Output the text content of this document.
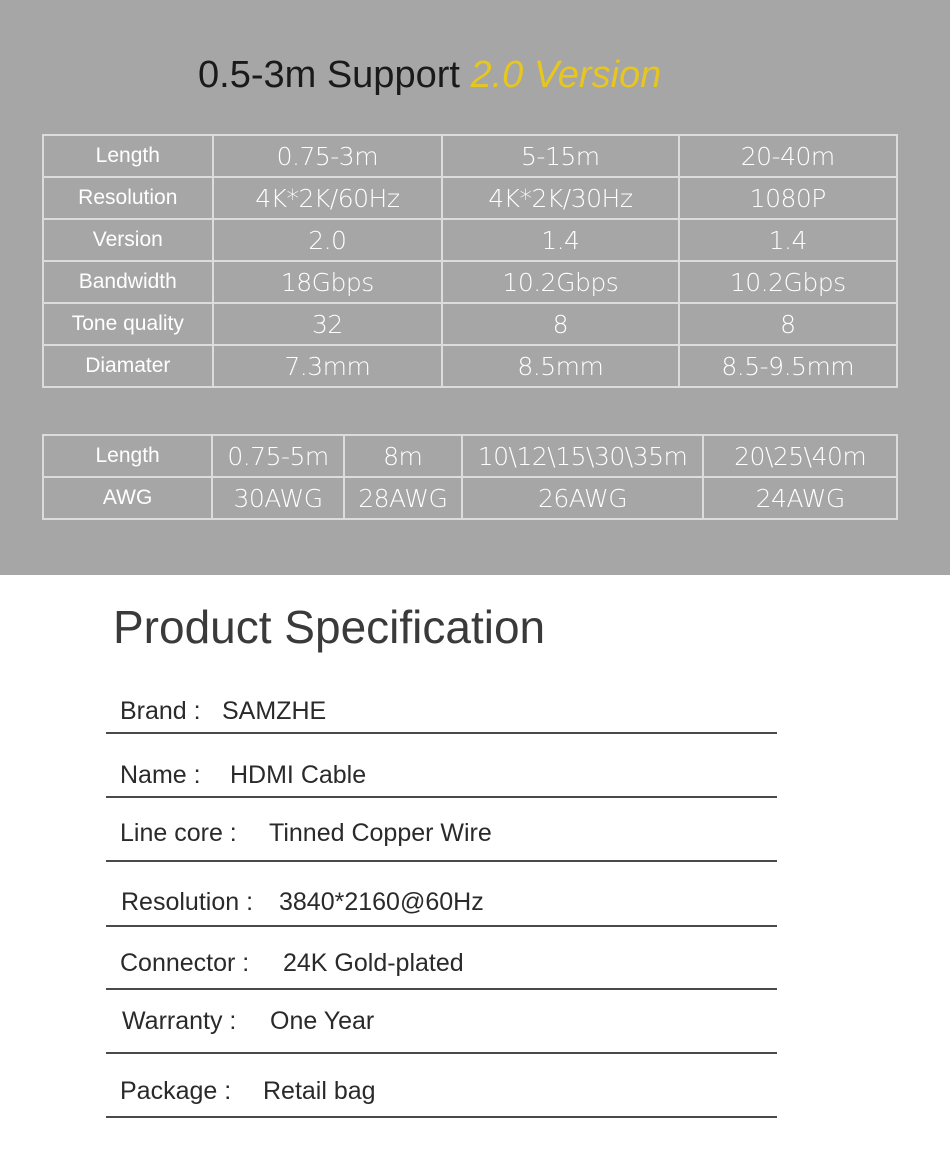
0.5-3m Support 2.0 Version
Length	0.75-3m	5-15m	20-40m
Resolution	4K*2K/60Hz	4K*2K/30Hz	1080P
Version	2.0	1.4	1.4
Bandwidth	18Gbps	10.2Gbps	10.2Gbps
Tone quality	32	8	8
Diamater	7.3mm	8.5mm	8.5-9.5mm
Length	0.75-5m	8m	10\12\15\30\35m	20\25\40m
AWG	30AWG	28AWG	26AWG	24AWG
Product Specification
Brand : SAMZHE
Name : HDMI Cable
Line core : Tinned Copper Wire
Resolution : 3840*2160@60Hz
Connector : 24K Gold-plated
Warranty : One Year
Package : Retail bag
